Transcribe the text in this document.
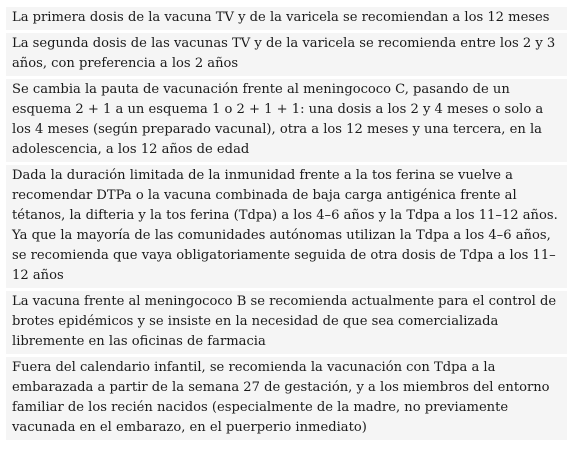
La primera dosis de la vacuna TV y de la varicela se recomiendan a los 12 meses
La segunda dosis de las vacunas TV y de la varicela se recomienda entre los 2 y 3 años, con preferencia a los 2 años
Se cambia la pauta de vacunación frente al meningococo C, pasando de un esquema 2 + 1 a un esquema 1 o 2 + 1 + 1: una dosis a los 2 y 4 meses o solo a los 4 meses (según preparado vacunal), otra a los 12 meses y una tercera, en la adolescencia, a los 12 años de edad
Dada la duración limitada de la inmunidad frente a la tos ferina se vuelve a recomendar DTPa o la vacuna combinada de baja carga antigénica frente al tétanos, la difteria y la tos ferina (Tdpa) a los 4–6 años y la Tdpa a los 11–12 años. Ya que la mayoría de las comunidades autónomas utilizan la Tdpa a los 4–6 años, se recomienda que vaya obligatoriamente seguida de otra dosis de Tdpa a los 11–12 años
La vacuna frente al meningococo B se recomienda actualmente para el control de brotes epidémicos y se insiste en la necesidad de que sea comercializada libremente en las oficinas de farmacia
Fuera del calendario infantil, se recomienda la vacunación con Tdpa a la embarazada a partir de la semana 27 de gestación, y a los miembros del entorno familiar de los recién nacidos (especialmente de la madre, no previamente vacunada en el embarazo, en el puerperio inmediato)
